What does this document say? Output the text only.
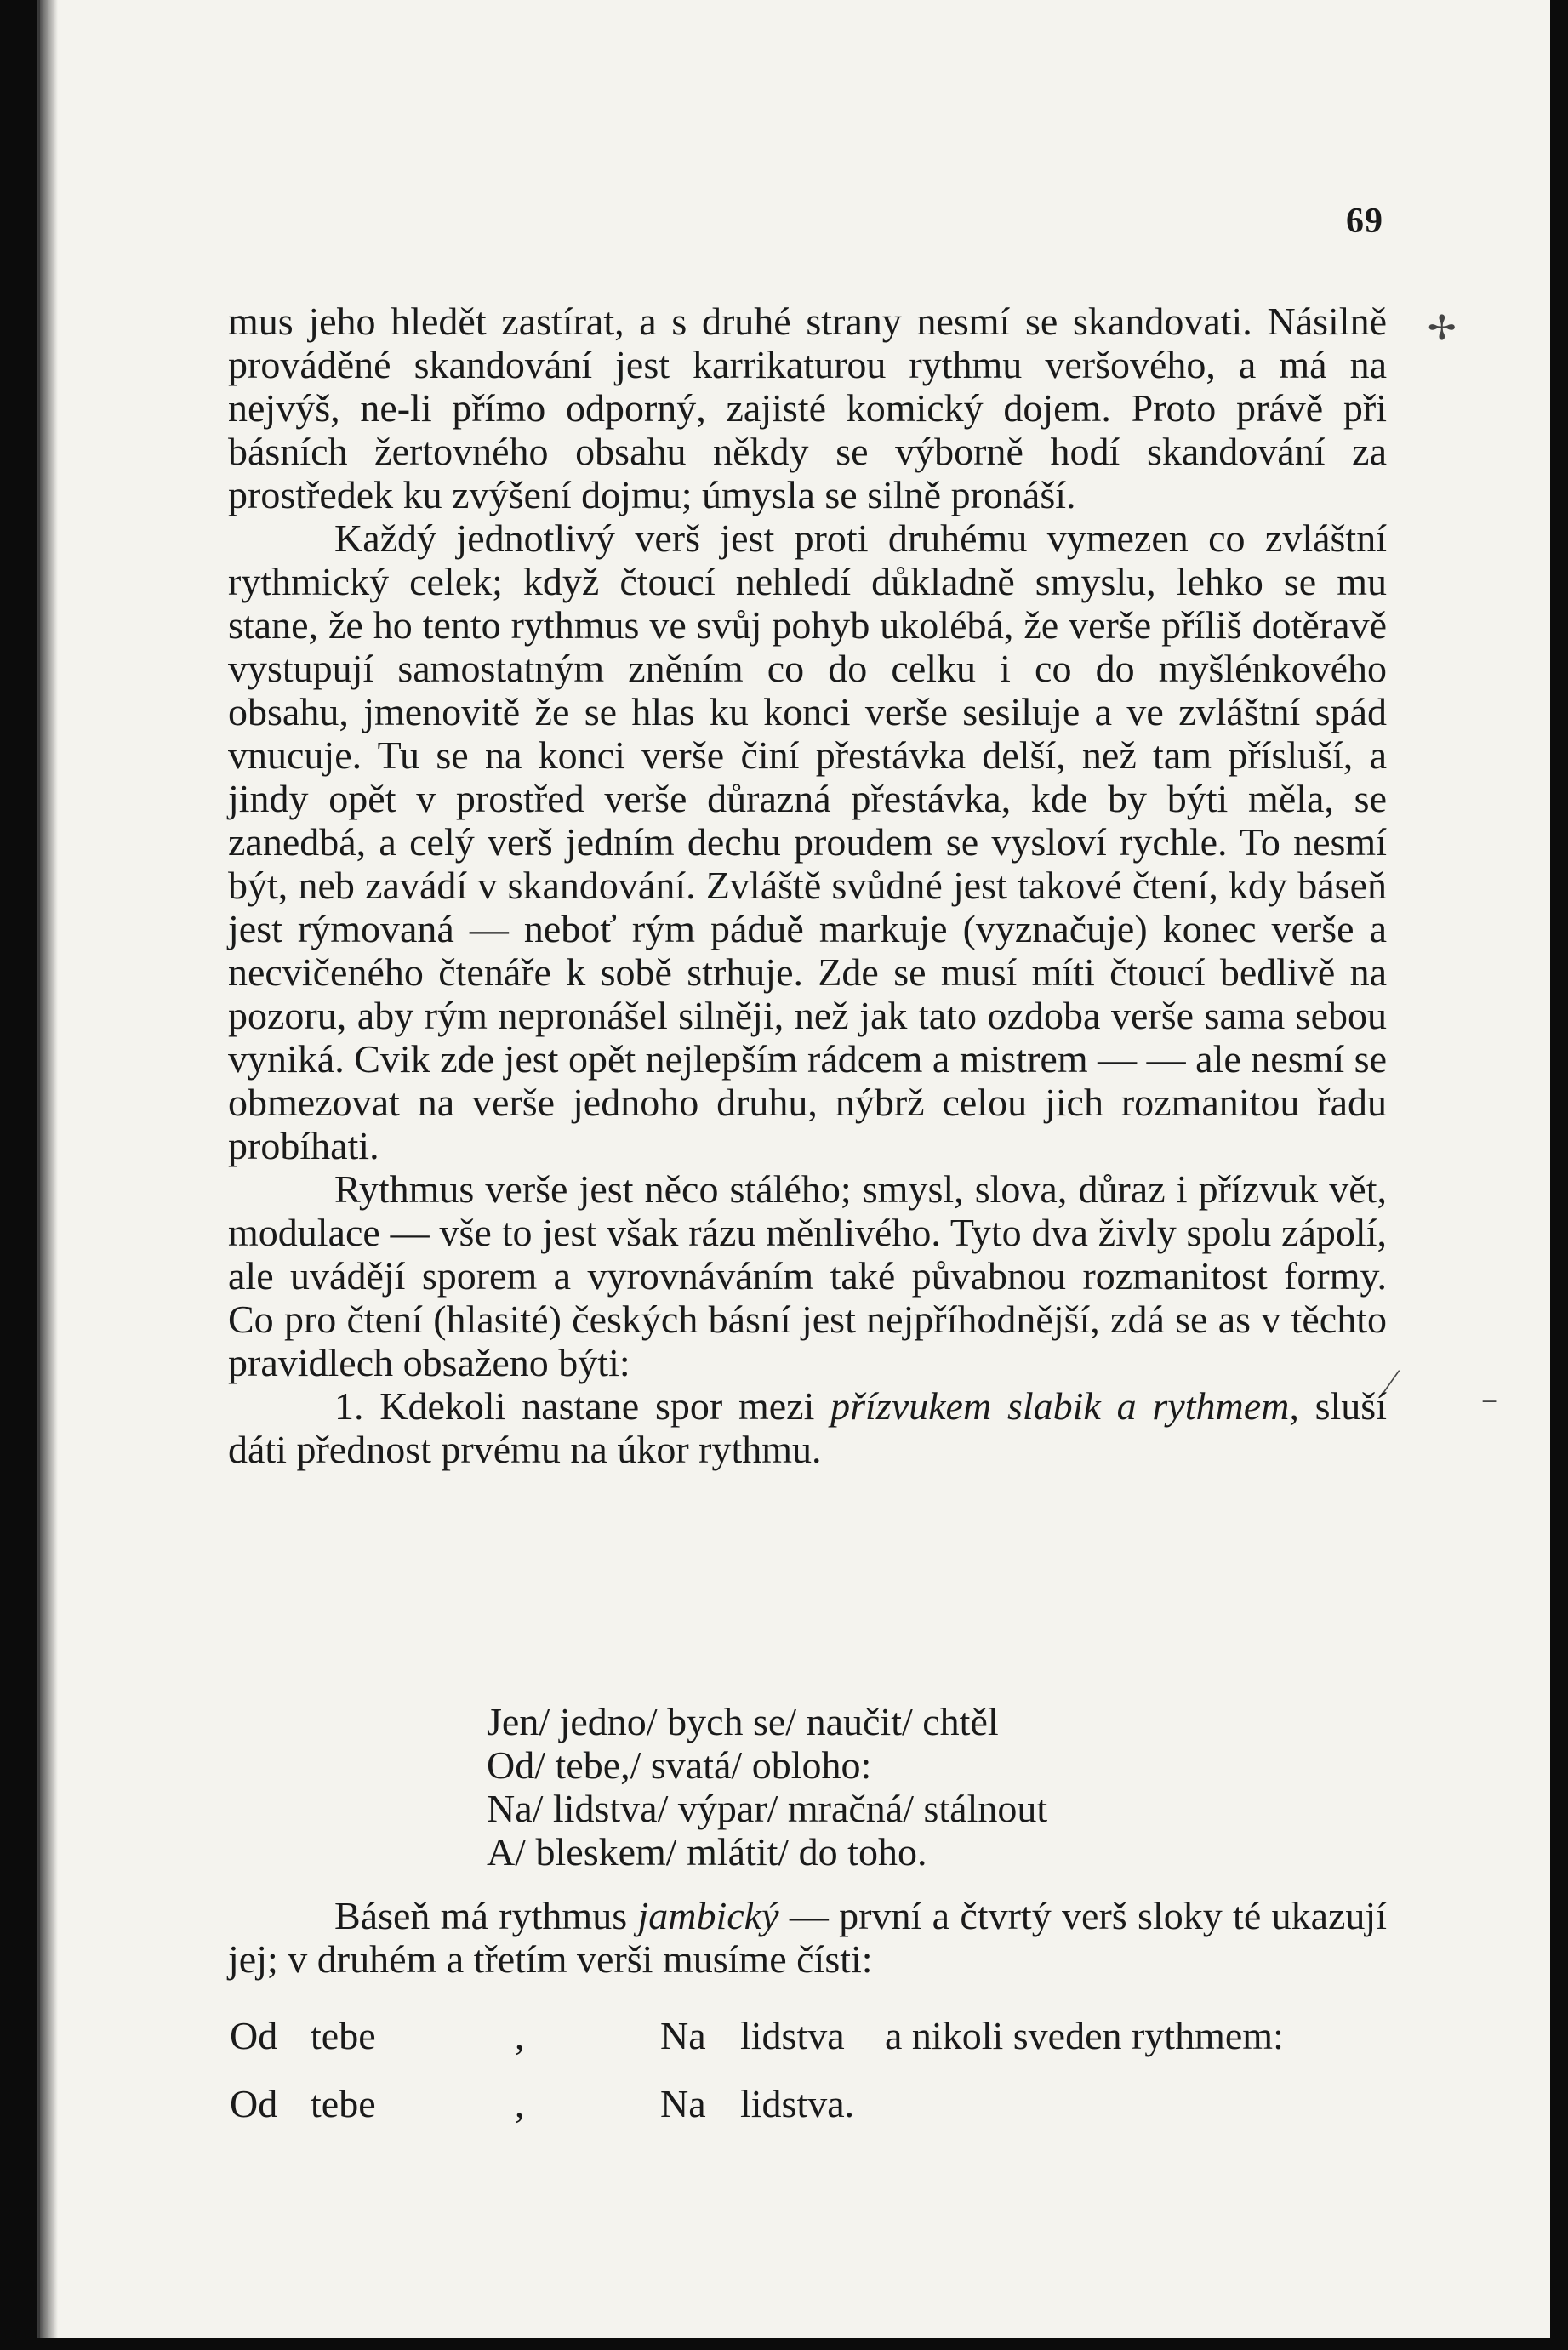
69

mus jeho hledět zastírat, a s druhé strany nesmí se skandovati. Násilně prováděné skandování jest karrikaturou rythmu veršového, a má na nejvýš, ne-li přímo odporný, zajisté komický dojem. Proto právě při básních žertovného obsahu někdy se výborně hodí skandování za prostředek ku zvýšení dojmu; úmysla se silně pronáší.

Každý jednotlivý verš jest proti druhému vymezen co zvláštní rythmický celek; když čtoucí nehledí důkladně smyslu, lehko se mu stane, že ho tento rythmus ve svůj pohyb ukolébá, že verše příliš dotěravě vystupují samostatným zněním co do celku i co do myšlénkového obsahu, jmenovitě že se hlas ku konci verše sesiluje a ve zvláštní spád vnucuje. Tu se na konci verše činí přestávka delší, než tam přísluší, a jindy opět v prostřed verše důrazná přestávka, kde by býti měla, se zanedbá, a celý verš jedním dechu proudem se vysloví rychle. To nesmí být, neb zavádí v skandování. Zvláště svůdné jest takové čtení, kdy báseň jest rýmovaná — neboť rým páduě markuje (vyznačuje) konec verše a necvičeného čtenáře k sobě strhuje. Zde se musí míti čtoucí bedlivě na pozoru, aby rým nepronášel silněji, než jak tato ozdoba verše sama sebou vyniká. Cvik zde jest opět nejlepším rádcem a mistrem — — ale nesmí se obmezovat na verše jednoho druhu, nýbrž celou jich rozmanitou řadu probíhati.

Rythmus verše jest něco stálého; smysl, slova, důraz i přízvuk vět, modulace — vše to jest však rázu měnlivého. Tyto dva živly spolu zápolí, ale uvádějí sporem a vyrovnáváním také půvabnou rozmanitost formy. Co pro čtení (hlasité) českých básní jest nejpříhodnější, zdá se as v těchto pravidlech obsaženo býti:

1. Kdekoli nastane spor mezi přízvukem slabik a rythmem, sluší dáti přednost prvému na úkor rythmu.

Jen/ jedno/ bych se/ naučit/ chtěl
Od/ tebe,/ svatá/ obloho:
Na/ lidstva/ výpar/ mračná/ stálnout
A/ bleskem/ mlátit/ do toho.

Báseň má rythmus jambický — první a čtvrtý verš sloky té ukazují jej; v druhém a třetím verši musíme čísti:

Od tebe	,	Na lidstva a nikoli sveden rythmem:
Od tebe	,	Na lidstva.
✢
⁄
⁻
